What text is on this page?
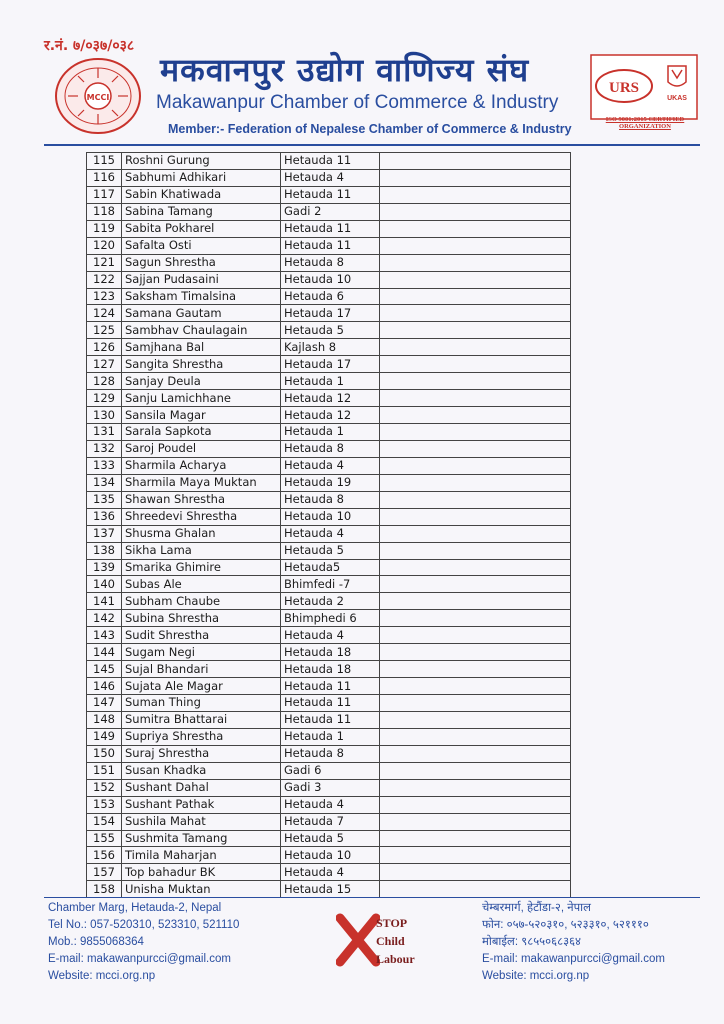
र.नं. ७/०३७/०३८
MCCI
मकवानपुर उद्योग वाणिज्य संघ
Makawanpur Chamber of Commerce & Industry
Member:- Federation of Nepalese Chamber of Commerce & Industry
URS
UKAS
ISO 9001:2015 CERTIFIED ORGANIZATION
115	Roshni Gurung	Hetauda 11	
116	Sabhumi Adhikari	Hetauda 4	
117	Sabin Khatiwada	Hetauda 11	
118	Sabina Tamang	Gadi 2	
119	Sabita Pokharel	Hetauda 11	
120	Safalta Osti	Hetauda 11	
121	Sagun Shrestha	Hetauda 8	
122	Sajjan Pudasaini	Hetauda 10	
123	Saksham Timalsina	Hetauda 6	
124	Samana Gautam	Hetauda 17	
125	Sambhav Chaulagain	Hetauda 5	
126	Samjhana Bal	Kajlash 8	
127	Sangita Shrestha	Hetauda 17	
128	Sanjay Deula	Hetauda 1	
129	Sanju Lamichhane	Hetauda 12	
130	Sansila Magar	Hetauda 12	
131	Sarala Sapkota	Hetauda 1	
132	Saroj Poudel	Hetauda 8	
133	Sharmila Acharya	Hetauda 4	
134	Sharmila Maya Muktan	Hetauda 19	
135	Shawan Shrestha	Hetauda 8	
136	Shreedevi Shrestha	Hetauda 10	
137	Shusma Ghalan	Hetauda 4	
138	Sikha Lama	Hetauda 5	
139	Smarika Ghimire	Hetauda5	
140	Subas Ale	Bhimfedi -7	
141	Subham Chaube	Hetauda 2	
142	Subina Shrestha	Bhimphedi 6	
143	Sudit Shrestha	Hetauda 4	
144	Sugam Negi	Hetauda 18	
145	Sujal Bhandari	Hetauda 18	
146	Sujata Ale Magar	Hetauda 11	
147	Suman Thing	Hetauda 11	
148	Sumitra Bhattarai	Hetauda 11	
149	Supriya Shrestha	Hetauda 1	
150	Suraj Shrestha	Hetauda 8	
151	Susan Khadka	Gadi 6	
152	Sushant Dahal	Gadi 3	
153	Sushant Pathak	Hetauda 4	
154	Sushila Mahat	Hetauda 7	
155	Sushmita Tamang	Hetauda 5	
156	Timila Maharjan	Hetauda 10	
157	Top bahadur BK	Hetauda 4	
158	Unisha Muktan	Hetauda 15	
Chamber Marg, Hetauda-2, Nepal
Tel No.: 057-520310, 523310, 521110
Mob.: 9855068364
E-mail: makawanpurcci@gmail.com
Website: mcci.org.np
STOP
Child
Labour
चेम्बरमार्ग, हेटौंडा-२, नेपाल
फोन: ०५७-५२०३१०, ५२३३१०, ५२१११०
मोबाईल: ९८५५०६८३६४
E-mail: makawanpurcci@gmail.com
Website: mcci.org.np
